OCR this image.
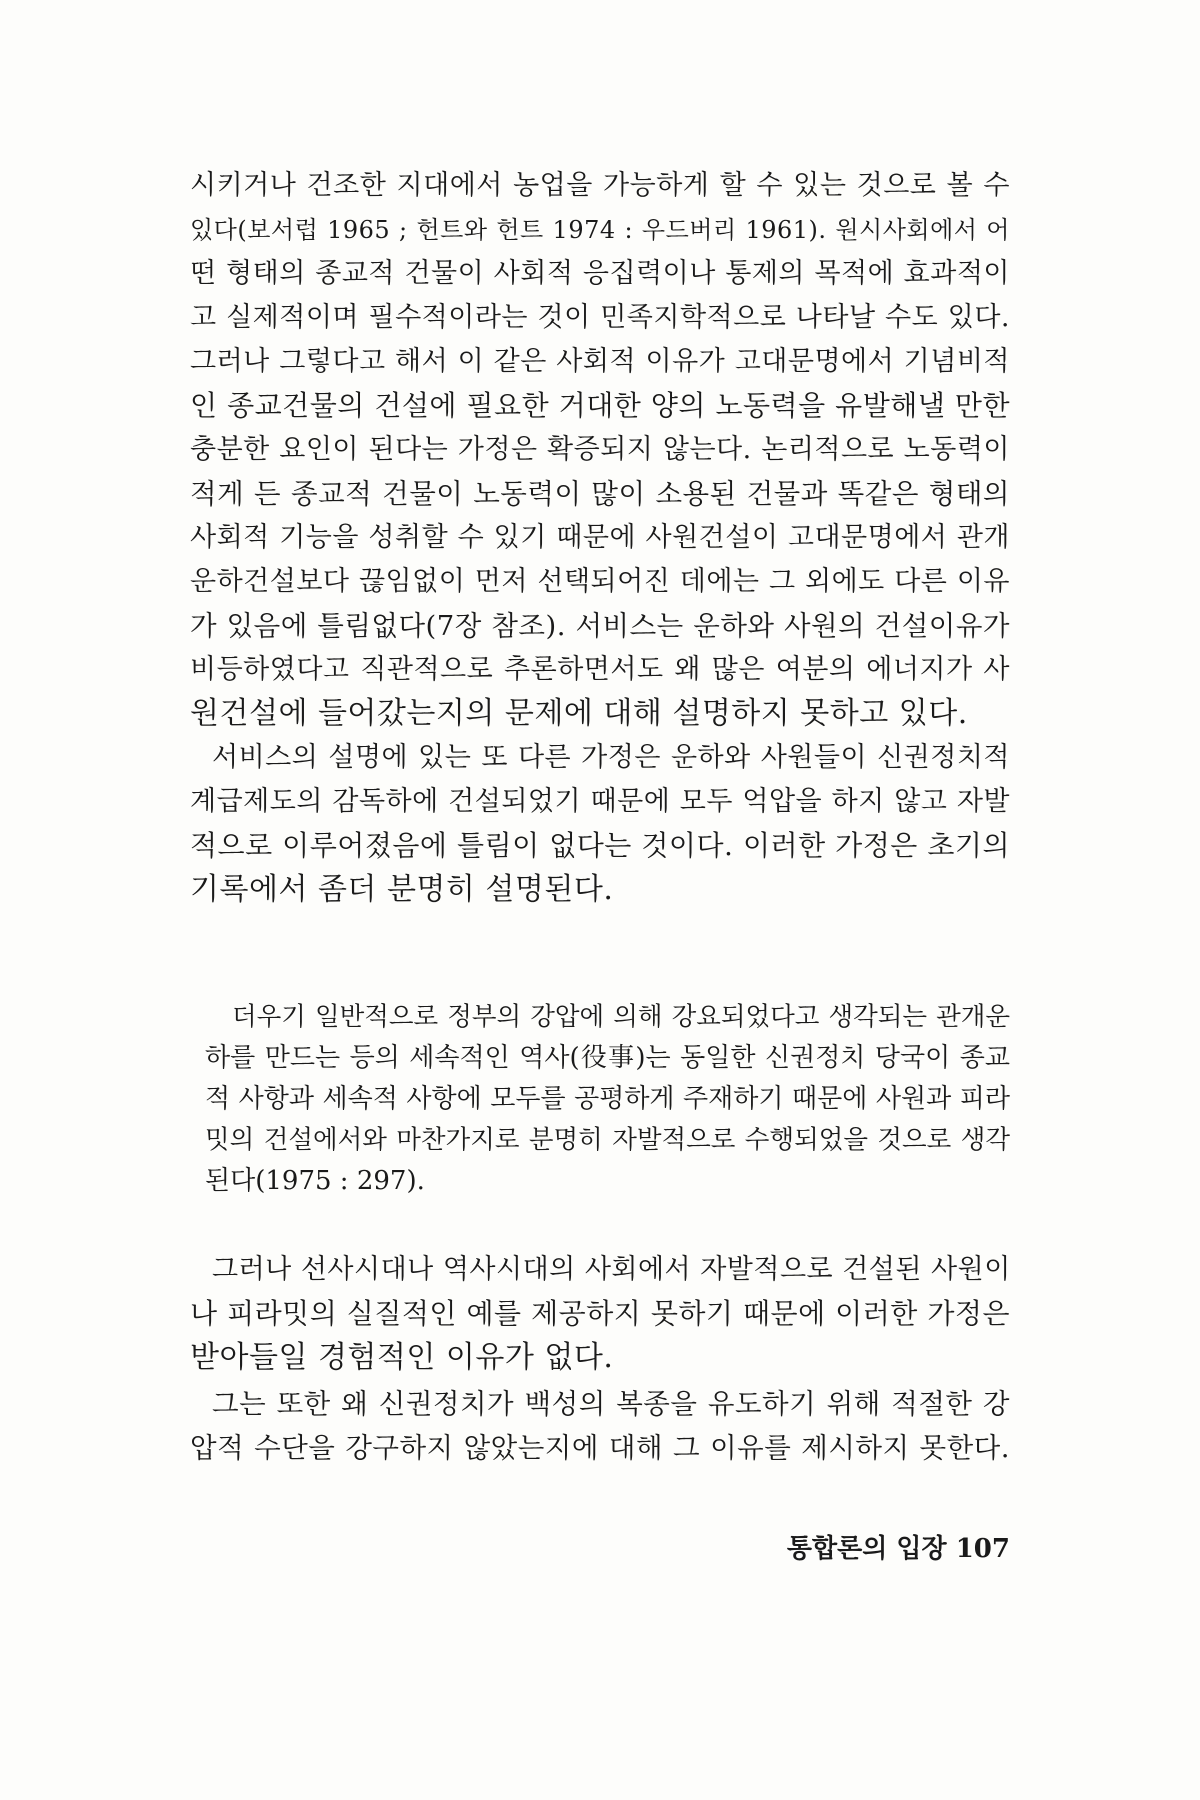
시키거나 건조한 지대에서 농업을 가능하게 할 수 있는 것으로 볼 수
있다(보서럽 1965 ; 헌트와 헌트 1974 : 우드버리 1961). 원시사회에서 어
떤 형태의 종교적 건물이 사회적 응집력이나 통제의 목적에 효과적이
고 실제적이며 필수적이라는 것이 민족지학적으로 나타날 수도 있다.
그러나 그렇다고 해서 이 같은 사회적 이유가 고대문명에서 기념비적
인 종교건물의 건설에 필요한 거대한 양의 노동력을 유발해낼 만한
충분한 요인이 된다는 가정은 확증되지 않는다. 논리적으로 노동력이
적게 든 종교적 건물이 노동력이 많이 소용된 건물과 똑같은 형태의
사회적 기능을 성취할 수 있기 때문에 사원건설이 고대문명에서 관개
운하건설보다 끊임없이 먼저 선택되어진 데에는 그 외에도 다른 이유
가 있음에 틀림없다(7장 참조). 서비스는 운하와 사원의 건설이유가
비등하였다고 직관적으로 추론하면서도 왜 많은 여분의 에너지가 사
원건설에 들어갔는지의 문제에 대해 설명하지 못하고 있다.
서비스의 설명에 있는 또 다른 가정은 운하와 사원들이 신권정치적
계급제도의 감독하에 건설되었기 때문에 모두 억압을 하지 않고 자발
적으로 이루어졌음에 틀림이 없다는 것이다. 이러한 가정은 초기의
기록에서 좀더 분명히 설명된다.
더우기 일반적으로 정부의 강압에 의해 강요되었다고 생각되는 관개운
하를 만드는 등의 세속적인 역사(役事)는 동일한 신권정치 당국이 종교
적 사항과 세속적 사항에 모두를 공평하게 주재하기 때문에 사원과 피라
밋의 건설에서와 마찬가지로 분명히 자발적으로 수행되었을 것으로 생각
된다(1975 : 297).
그러나 선사시대나 역사시대의 사회에서 자발적으로 건설된 사원이
나 피라밋의 실질적인 예를 제공하지 못하기 때문에 이러한 가정은
받아들일 경험적인 이유가 없다.
그는 또한 왜 신권정치가 백성의 복종을 유도하기 위해 적절한 강
압적 수단을 강구하지 않았는지에 대해 그 이유를 제시하지 못한다.
통합론의 입장 107
